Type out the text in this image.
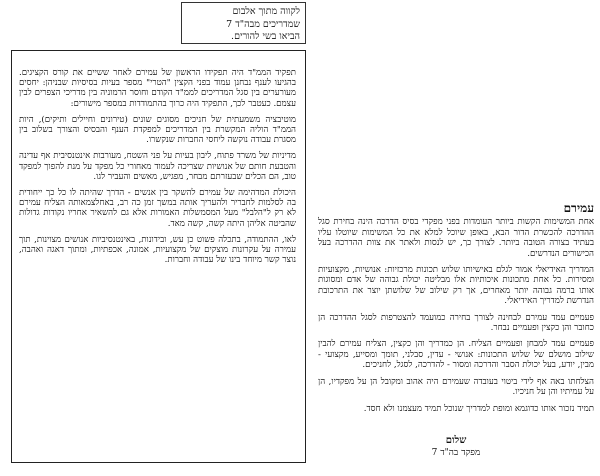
לקווה מתוך אלבום
שמדריכים מבה"ד 7
הביאו בשי להורים.

תפקיד הממ"ד היה תפקידו הראשון של עמירם לאחר ששיים את קורס הקציגים. בהגיעו לענף נבחנן עמוד בפני הקצין "הטרי" מספר בעיות בסיסיות שבניהן: יחסים מעורערים בין סגל המדריכים לממ"ד הקודם וחוסר הרמוניה בין מדריכי הצפרים לבין עצמם. כעטבר לכך, התפקיד היה כרוך בהתמודדות במספר מישורים:

מוטיבציה משמעתית של חניכים מסוגים שונים (טירונים וחיילים ותיקים), היות הממ"ד הוליה המקשרת בין המדריכים למפקדת הענף והבסיס והצורך בשלוב בין מסגרת עבודה נוקשה ליחסי החברות שנקשרו.

מדיניות של משרד פתוח, ליבון בעיות על פני השטח, מעורבות אינטנסיבית אף עדינה והטבעת חותם של אנושיות שצריכה לעמוד מאחורי כל מפקד על מנת להפוך למפקד טוב, הם הכלים שבעזרתם מבחר, מפגיש, מאשים והעביר לגו.

היכולת המדהימה של עמירם להשקר בין אנשים - הדרך שהיתה לו כל כך ייחודית בה לסלמות לחבריר ולהעריך אותה במשך זמן כה רב, באחלצמאותה הצליח עמירם לא רק ל"הלבל" מעל המסמשלות האמורות אלא גם להשאיר אחריו נקודות גדולות שהביטה אליהן היתה קשה, קשה מאד.

לאו, ההתמודה, בתכלה פשוט כן עש, ובידונות, באינטנסיביות אנושים מצוינות, תוך עמירה על עקרונות מוצקים של מקצועיות, אמונה, אכפתיות, ומתוך דאגה ואהבה, נוצר קשר מיוחד בינו של עבודה וחברות.

עמירם

אחת המשימות הקשות ביותר העומדות בפני מפקדי בסיס הדרכה הינה בחירת סגל ההדרכה להכשרת הדור הבא, באופן שיוכל למלא את כל המשימות שיוטלו עליו בעתיד בצורה הטובה ביותר. לצורך כך, יש לנסות ולאתר את צוות ההדרכה בעל הכישורים הנדרשים.

המדריך האידיאלי אמור לגלם באישיותו שלוש תכונות מרכזיות: אנושיות, מקצועיות ומסירות. כל אחת מתכונות איכותיות אלו מבליטה יכולת גבוהה של אדם ומסוגות אותו ברמה גבוהה יותר מאחרים, אך רק שילוב של שלושתן יוצר את התרכובת הנדרשת למדריך האידיאלי.

פעמיים עמד עמירם לבחינה לצורך בחירה כמועמד להצטרפות לסגל ההדרכה הן כחובר והן כקצין ופעמיים נבחר.

פעמיים עמד למבחן ופעמיים הצליח. הן כמדריך והן כקצין, הצליח עמירם להבין שילוב מושלם של שלוש התכונות: אנושי - עדין, סבלני, תומך ומסייע, מקצועי - מבין, יודע, בעל יכולת הסבר והדרכה ומסור - להדרכה, לסגל, לחניכים.

הצלחתו באה אף לידי ביטוי בעובדה שעמירם היה אהוב ומקובל הן על מפקדיו, הן על עמיתיו והן על חניכיו.

תמיד נזכור אותו כדוגמא ומופת למדריך שנוכל תמיד מעצמנו ולא חסד.

שלום
מפקד בה"ד 7
